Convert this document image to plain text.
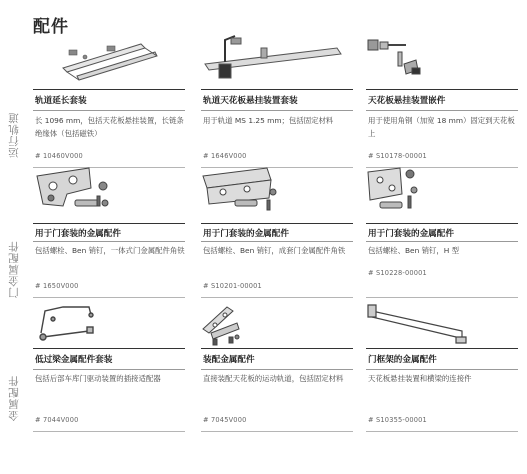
配件
运行轨道
门金属配件
金属配件
轨道延长套装
长 1096 mm，包括天花板悬挂装置，长链条绝缘体（包括磁铁）
# 10460V000
轨道天花板悬挂装置套装
用于轨道 MS 1.25 mm；包括固定材料
# 1646V000
天花板悬挂装置嵌件
用于使用角钢（加宽 18 mm）固定到天花板上
# S10178-00001
用于门套装的金属配件
包括螺栓、Ben 销钉，一体式门金属配件角铁
# 1650V000
用于门套装的金属配件
包括螺栓、Ben 销钉，成套门金属配件角铁
# S10201-00001
用于门套装的金属配件
包括螺栓、Ben 销钉，H 型
# S10228-00001
低过梁金属配件套装
包括后部车库门驱动装置的插接适配器
# 7044V000
装配金属配件
直接装配天花板的运动轨道，包括固定材料
# 7045V000
门框架的金属配件
天花板悬挂装置和横梁的连接件
# S10355-00001
